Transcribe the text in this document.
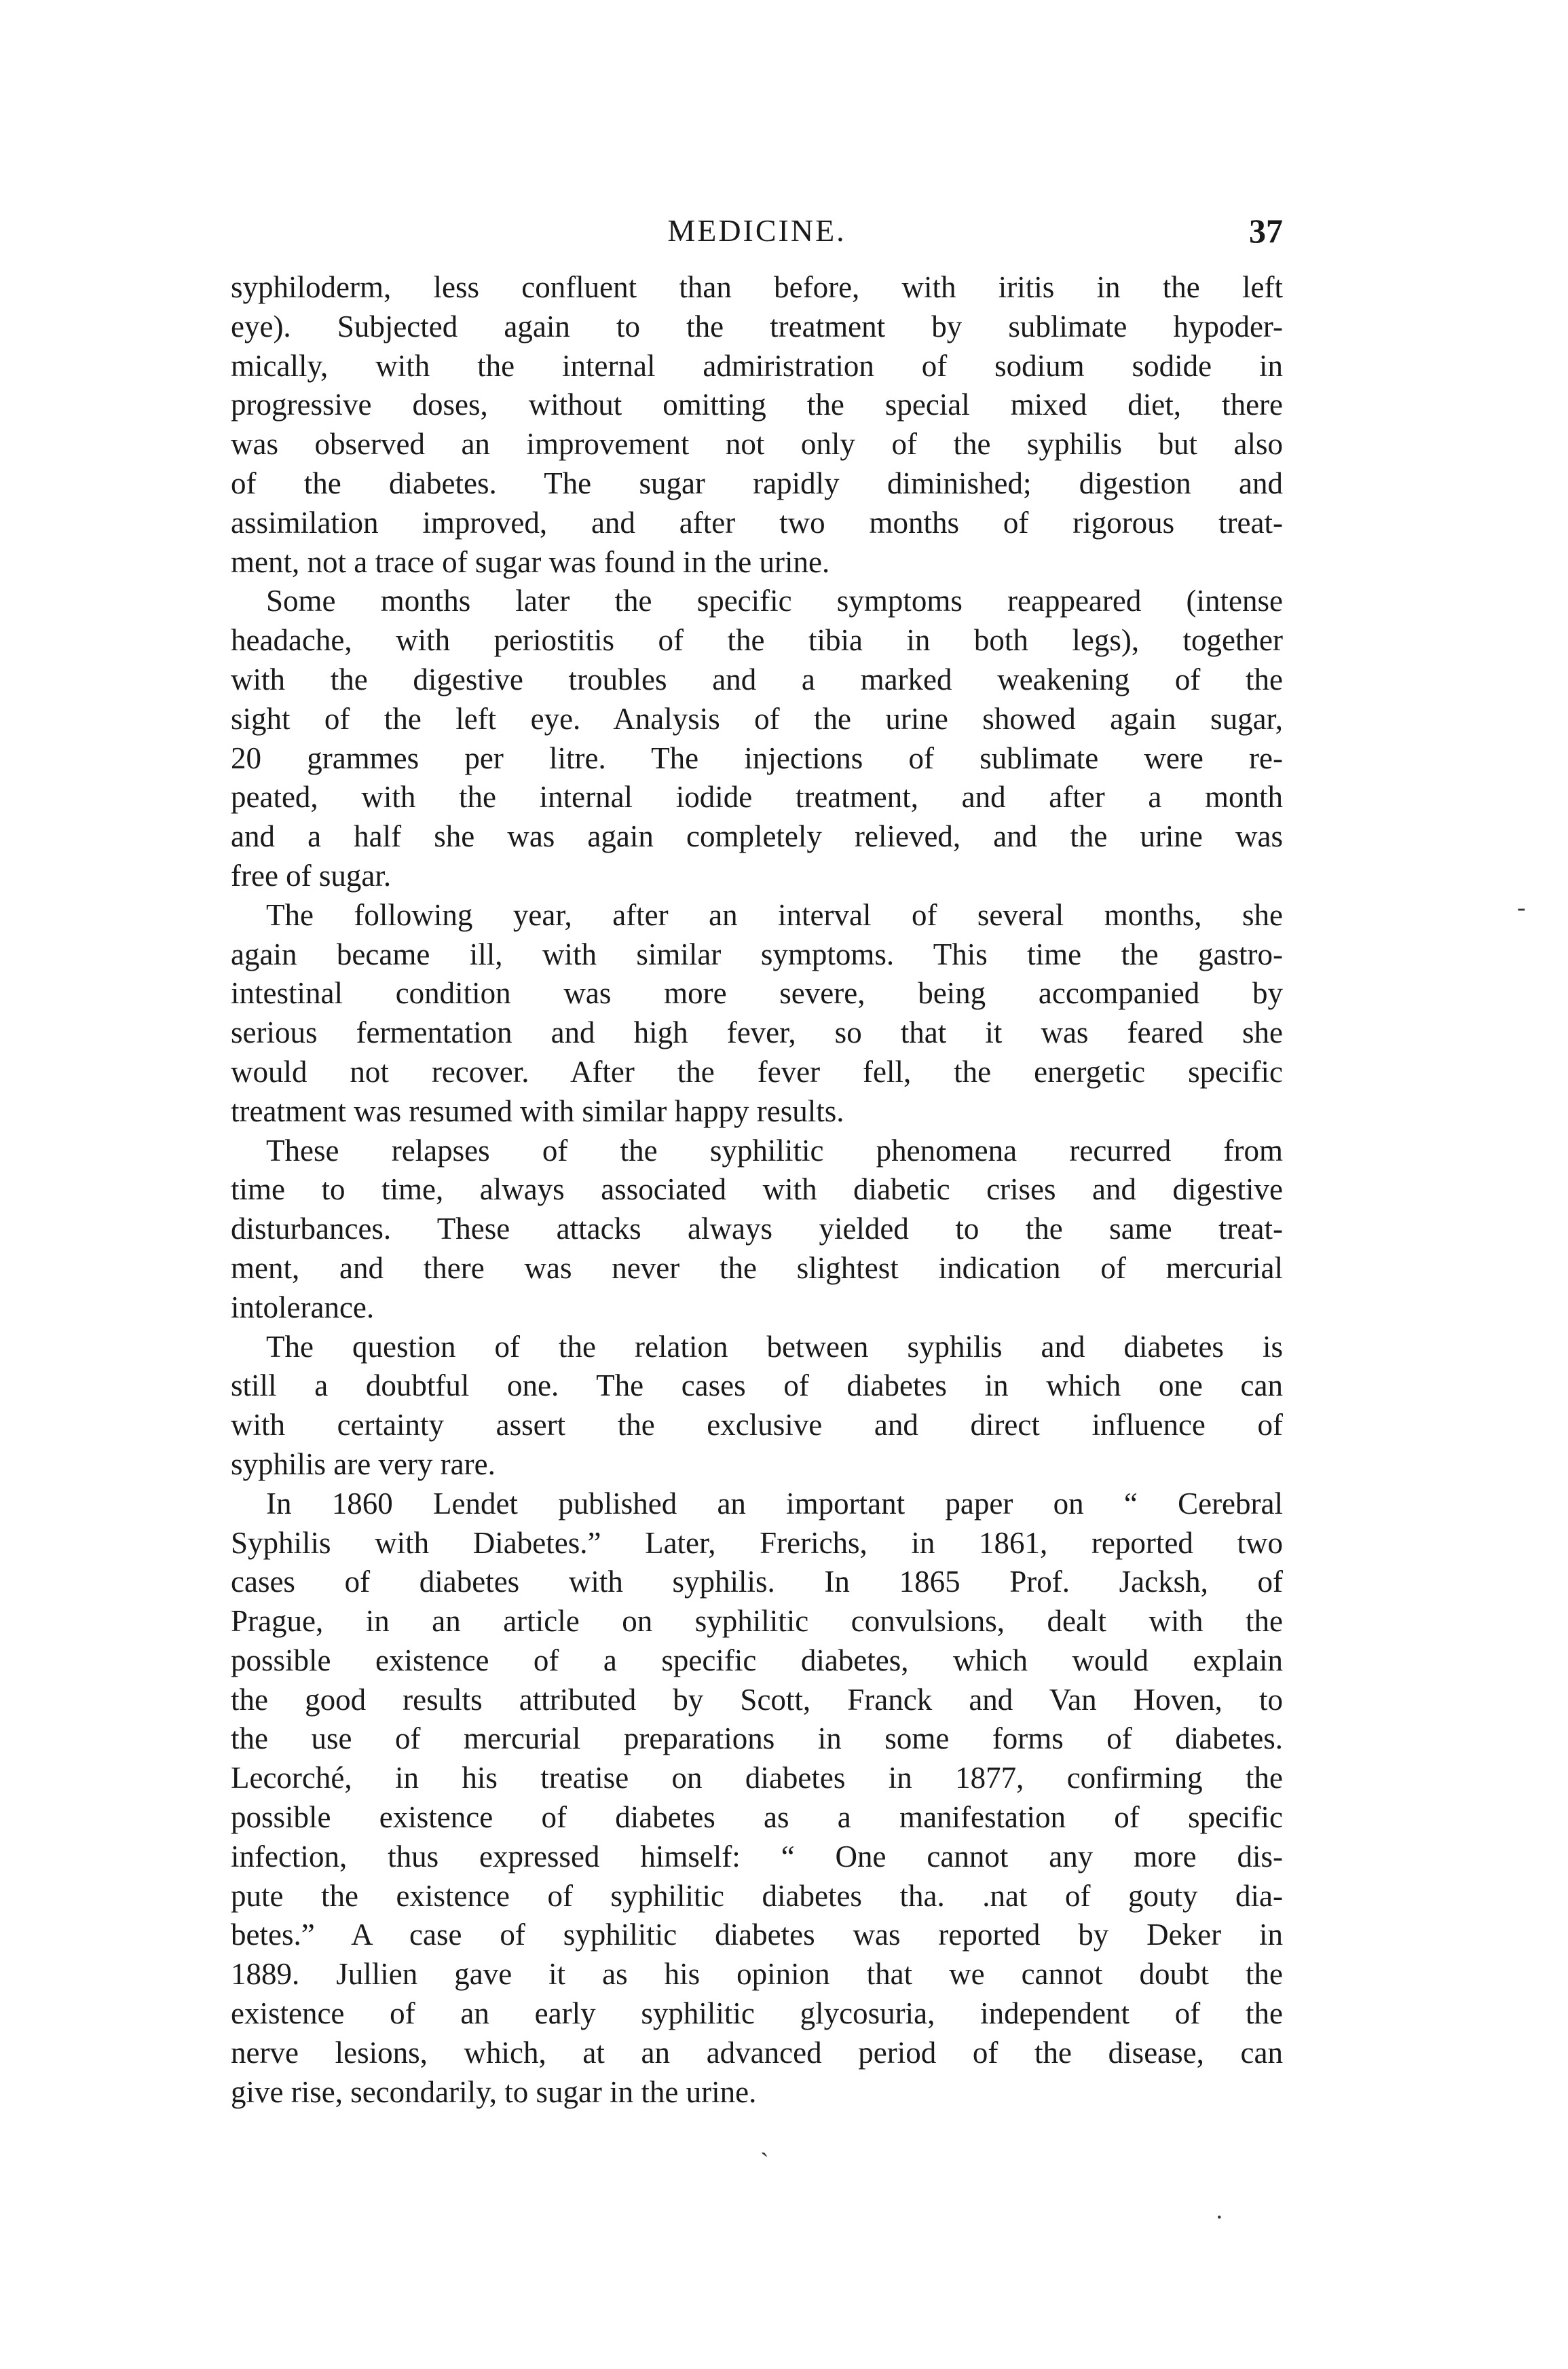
MEDICINE.	37
syphiloderm, less confluent than before, with iritis in the left
eye). Subjected again to the treatment by sublimate hypoder-
mically, with the internal admiristration of sodium sodide in
progressive doses, without omitting the special mixed diet, there
was observed an improvement not only of the syphilis but also
of the diabetes. The sugar rapidly diminished; digestion and
assimilation improved, and after two months of rigorous treat-
ment, not a trace of sugar was found in the urine.
Some months later the specific symptoms reappeared (intense
headache, with periostitis of the tibia in both legs), together
with the digestive troubles and a marked weakening of the
sight of the left eye. Analysis of the urine showed again sugar,
20 grammes per litre. The injections of sublimate were re-
peated, with the internal iodide treatment, and after a month
and a half she was again completely relieved, and the urine was
free of sugar.
The following year, after an interval of several months, she
again became ill, with similar symptoms. This time the gastro-
intestinal condition was more severe, being accompanied by
serious fermentation and high fever, so that it was feared she
would not recover. After the fever fell, the energetic specific
treatment was resumed with similar happy results.
These relapses of the syphilitic phenomena recurred from
time to time, always associated with diabetic crises and digestive
disturbances. These attacks always yielded to the same treat-
ment, and there was never the slightest indication of mercurial
intolerance.
The question of the relation between syphilis and diabetes is
still a doubtful one. The cases of diabetes in which one can
with certainty assert the exclusive and direct influence of
syphilis are very rare.
In 1860 Lendet published an important paper on “ Cerebral
Syphilis with Diabetes.” Later, Frerichs, in 1861, reported two
cases of diabetes with syphilis. In 1865 Prof. Jacksh, of
Prague, in an article on syphilitic convulsions, dealt with the
possible existence of a specific diabetes, which would explain
the good results attributed by Scott, Franck and Van Hoven, to
the use of mercurial preparations in some forms of diabetes.
Lecorché, in his treatise on diabetes in 1877, confirming the
possible existence of diabetes as a manifestation of specific
infection, thus expressed himself: “ One cannot any more dis-
pute the existence of syphilitic diabetes tha. .nat of gouty dia-
betes.” A case of syphilitic diabetes was reported by Deker in
1889. Jullien gave it as his opinion that we cannot doubt the
existence of an early syphilitic glycosuria, independent of the
nerve lesions, which, at an advanced period of the disease, can
give rise, secondarily, to sugar in the urine.
-
ˏ
·
